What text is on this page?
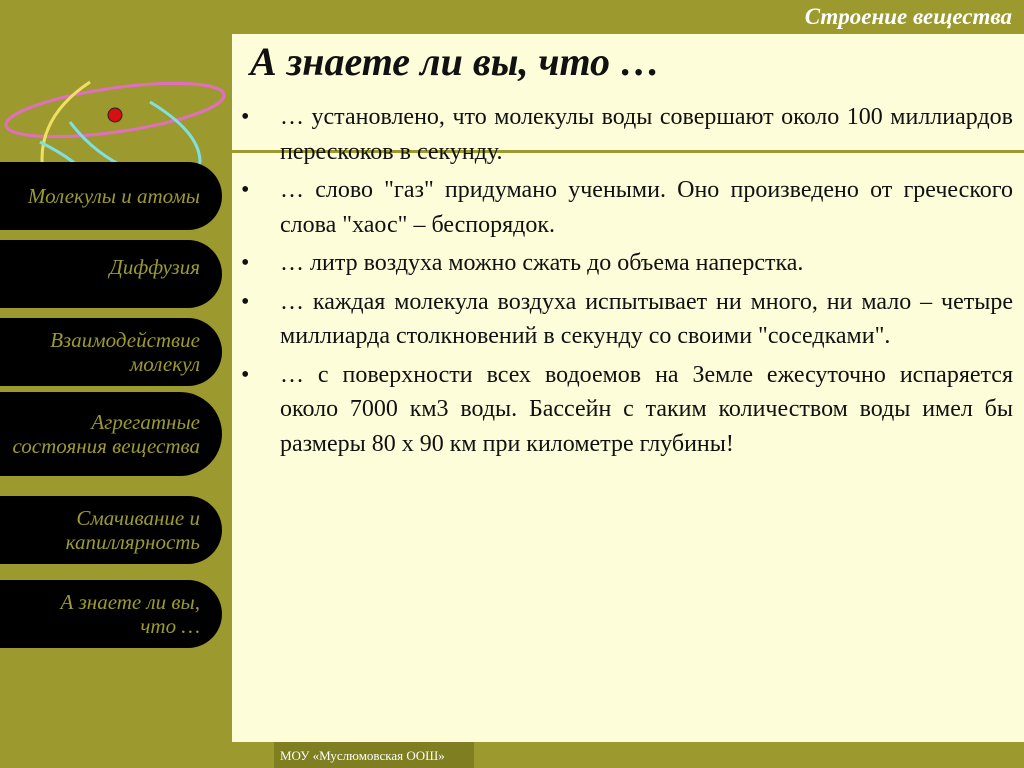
Строение вещества
Молекулы и атомы
Диффузия
Взаимодействие молекул
Агрегатные состояния вещества
Смачивание и капиллярность
А знаете ли вы, что …
А знаете ли вы, что …
• … установлено, что молекулы воды совершают около 100 миллиардов перескоков в секунду.
• … слово "газ" придумано учеными. Оно произведено от греческого слова "хаос" – беспорядок.
• … литр воздуха можно сжать до объема наперстка.
• … каждая молекула воздуха испытывает ни много, ни мало – четыре миллиарда столкновений в секунду со своими "соседками".
• … с поверхности всех водоемов на Земле ежесуточно испаряется около 7000 км3 воды. Бассейн с таким количеством воды имел бы размеры 80 х 90 км при километре глубины!
МОУ «Муслюмовская ООШ»
